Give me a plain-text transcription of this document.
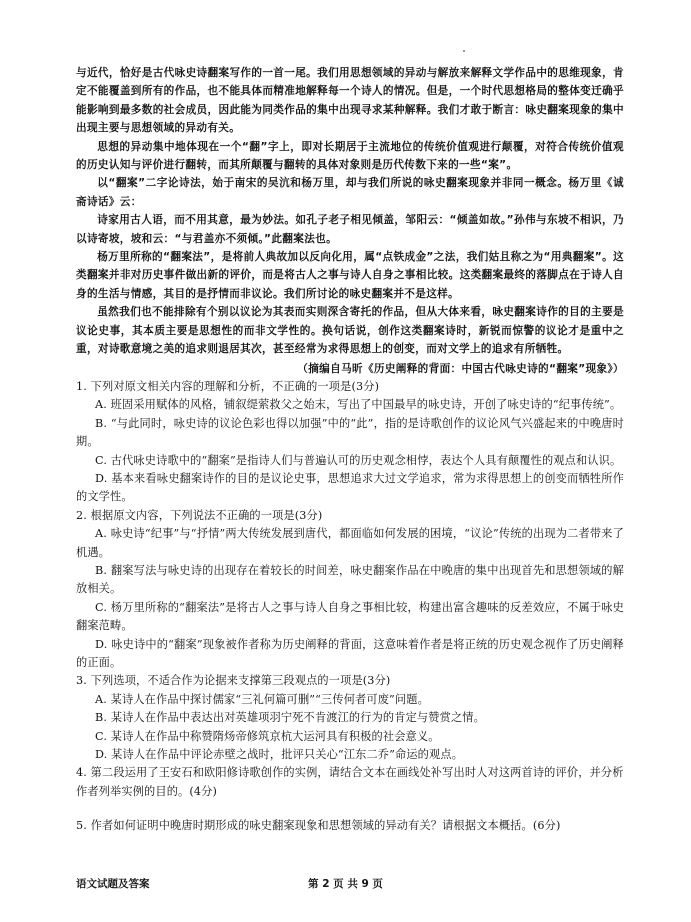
与近代，恰好是古代咏史诗翻案写作的一首一尾。我们用思想领域的异动与解放来解释文学作品中的思维现象，肯定不能覆盖到所有的作品，也不能具体而精准地解释每一个诗人的情况。但是，一个时代思想格局的整体变迁确乎能影响到最多数的社会成员，因此能为同类作品的集中出现寻求某种解释。我们才敢于断言：咏史翻案现象的集中出现主要与思想领域的异动有关。

思想的异动集中地体现在一个“翻”字上，即对长期居于主流地位的传统价值观进行颠覆，对符合传统价值观的历史认知与评价进行翻转，而其所颠覆与翻转的具体对象则是历代传数下来的一些“案”。

以“翻案”二字论诗法，始于南宋的吴沆和杨万里，却与我们所说的咏史翻案现象并非同一概念。杨万里《诚斋诗话》云：

诗家用古人语，而不用其意，最为妙法。如孔子老子相见倾盖，邹阳云：“倾盖如故。”孙伟与东坡不相识，乃以诗寄坡，坡和云：“与君盖亦不须倾。”此翻案法也。

杨万里所称的“翻案法”，是将前人典故加以反向化用，属“点铁成金”之法，我们姑且称之为“用典翻案”。这类翻案并非对历史事件做出新的评价，而是将古人之事与诗人自身之事相比较。这类翻案最终的落脚点在于诗人自身的生活与情感，其目的是抒情而非议论。我们所讨论的咏史翻案并不是这样。

虽然我们也不能排除有个别以议论为其表而实则深含寄托的作品，但从大体来看，咏史翻案诗作的目的主要是议论史事，其本质主要是思想性的而非文学性的。换句话说，创作这类翻案诗时，新锐而惊警的议论才是重中之重，对诗歌意境之美的追求则退居其次，甚至经常为求得思想上的创变，而对文学上的追求有所牺牲。

（摘编自马昕《历史阐释的背面：中国古代咏史诗的“翻案”现象》）

1. 下列对原文相关内容的理解和分析，不正确的一项是(3分)

A. 班固采用赋体的风格，铺叙缇萦救父之始末，写出了中国最早的咏史诗，开创了咏史诗的“纪事传统”。

B. “与此同时，咏史诗的议论色彩也得以加强”中的“此”，指的是诗歌创作的议论风气兴盛起来的中晚唐时期。

C. 古代咏史诗歌中的“翻案”是指诗人们与普遍认可的历史观念相悖，表达个人具有颠覆性的观点和认识。

D. 基本来看咏史翻案诗作的目的是议论史事，思想追求大过文学追求，常为求得思想上的创变而牺牲所作的文学性。

2. 根据原文内容，下列说法不正确的一项是(3分)

A. 咏史诗“纪事”与“抒情”两大传统发展到唐代，都面临如何发展的困境，“议论”传统的出现为二者带来了机遇。

B. 翻案写法与咏史诗的出现存在着较长的时间差，咏史翻案作品在中晚唐的集中出现首先和思想领域的解放相关。

C. 杨万里所称的“翻案法”是将古人之事与诗人自身之事相比较，构建出富含趣味的反差效应，不属于咏史翻案范畴。

D. 咏史诗中的“翻案”现象被作者称为历史阐释的背面，这意味着作者是将正统的历史观念视作了历史阐释的正面。

3. 下列选项，不适合作为论据来支撑第三段观点的一项是(3分)

A. 某诗人在作品中探讨儒家“三礼何篇可删”“三传何者可废”问题。

B. 某诗人在作品中表达出对英雄项羽宁死不肯渡江的行为的肯定与赞赏之情。

C. 某诗人在作品中称赞隋炀帝修筑京杭大运河具有积极的社会意义。

D. 某诗人在作品中评论赤壁之战时，批评只关心“江东二乔”命运的观点。

4. 第二段运用了王安石和欧阳修诗歌创作的实例，请结合文本在画线处补写出时人对这两首诗的评价，并分析作者列举实例的目的。(4分)

5. 作者如何证明中晚唐时期形成的咏史翻案现象和思想领域的异动有关？请根据文本概括。(6分)

语文试题及答案	第 2 页 共 9 页
